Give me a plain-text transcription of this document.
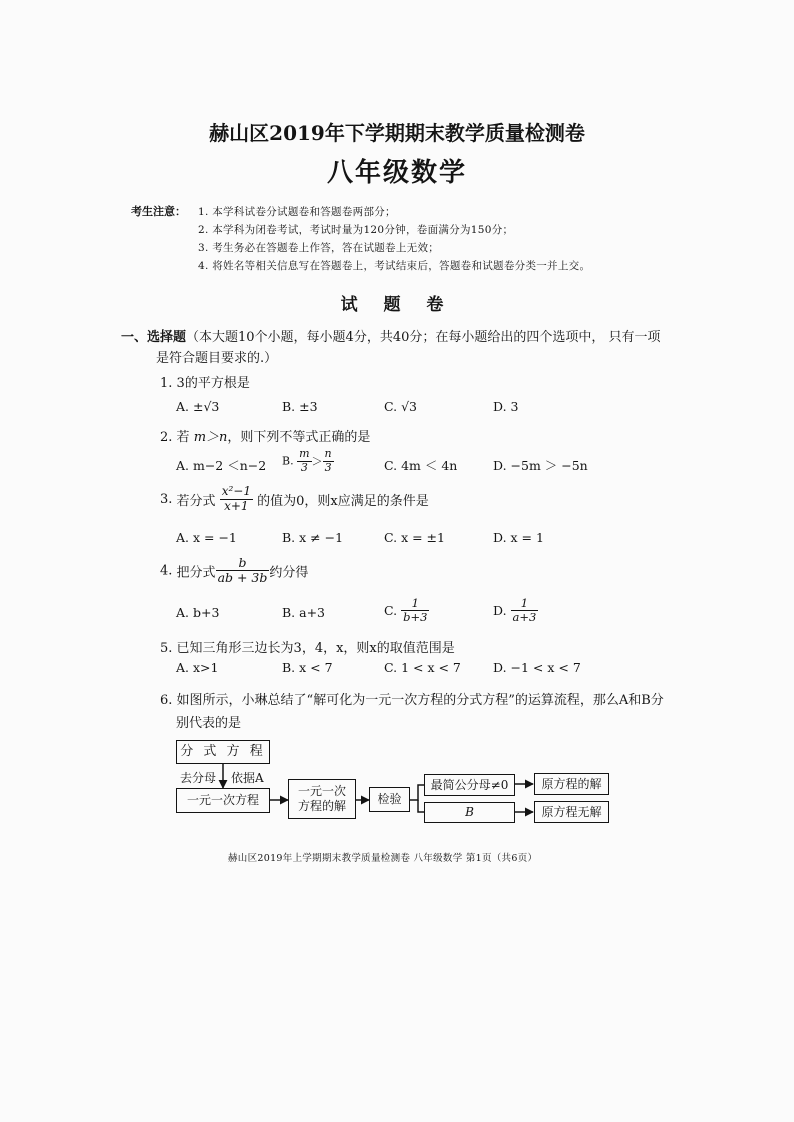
赫山区2019年下学期期末教学质量检测卷
八年级数学
考生注意： 1. 本学科试卷分试题卷和答题卷两部分；
2. 本学科为闭卷考试，考试时量为120分钟，卷面满分为150分；
3. 考生务必在答题卷上作答，答在试题卷上无效；
4. 将姓名等相关信息写在答题卷上，考试结束后，答题卷和试题卷分类一并上交。
试 题 卷
一、选择题（本大题10个小题，每小题4分，共40分；在每小题给出的四个选项中， 只有一项
是符合题目要求的.）
1. 3的平方根是
A. ±√3	B. ±3	C. √3	D. 3
2. 若 m＞n，则下列不等式正确的是
A. m−2 ＜n−2 B. $\frac{m}{3} > \frac{n}{3}$	C. 4m ＜ 4n	D. −5m ＞ −5n
3. 若分式 $\frac{\text{x²−1}}{x+1}$ 的值为0，则x应满足的条件是
A. x = −1	B. x ≠ −1	C. x = ±1	D. x = 1
4. 把分式 $\frac{b}{ab + 3b}$ 约分得
A. b+3	B. a+3	C. $\frac{1}{b+3}$	D. $\frac{1}{a+3}$
5. 已知三角形三边长为3，4，x，则x的取值范围是
A. x>1	B. x < 7	C. 1 < x < 7	D. −1 < x < 7
6. 如图所示，小琳总结了“解可化为一元一次方程的分式方程”的运算流程，那么A和B分
别代表的是
分 式 方 程
去分母 依据A
一元一次方程
一元一次
方程的解	检验
最简公分母≠0
B
原方程的解
原方程无解
赫山区2019年上学期期末教学质量检测卷 八年级数学 第1页（共6页）
